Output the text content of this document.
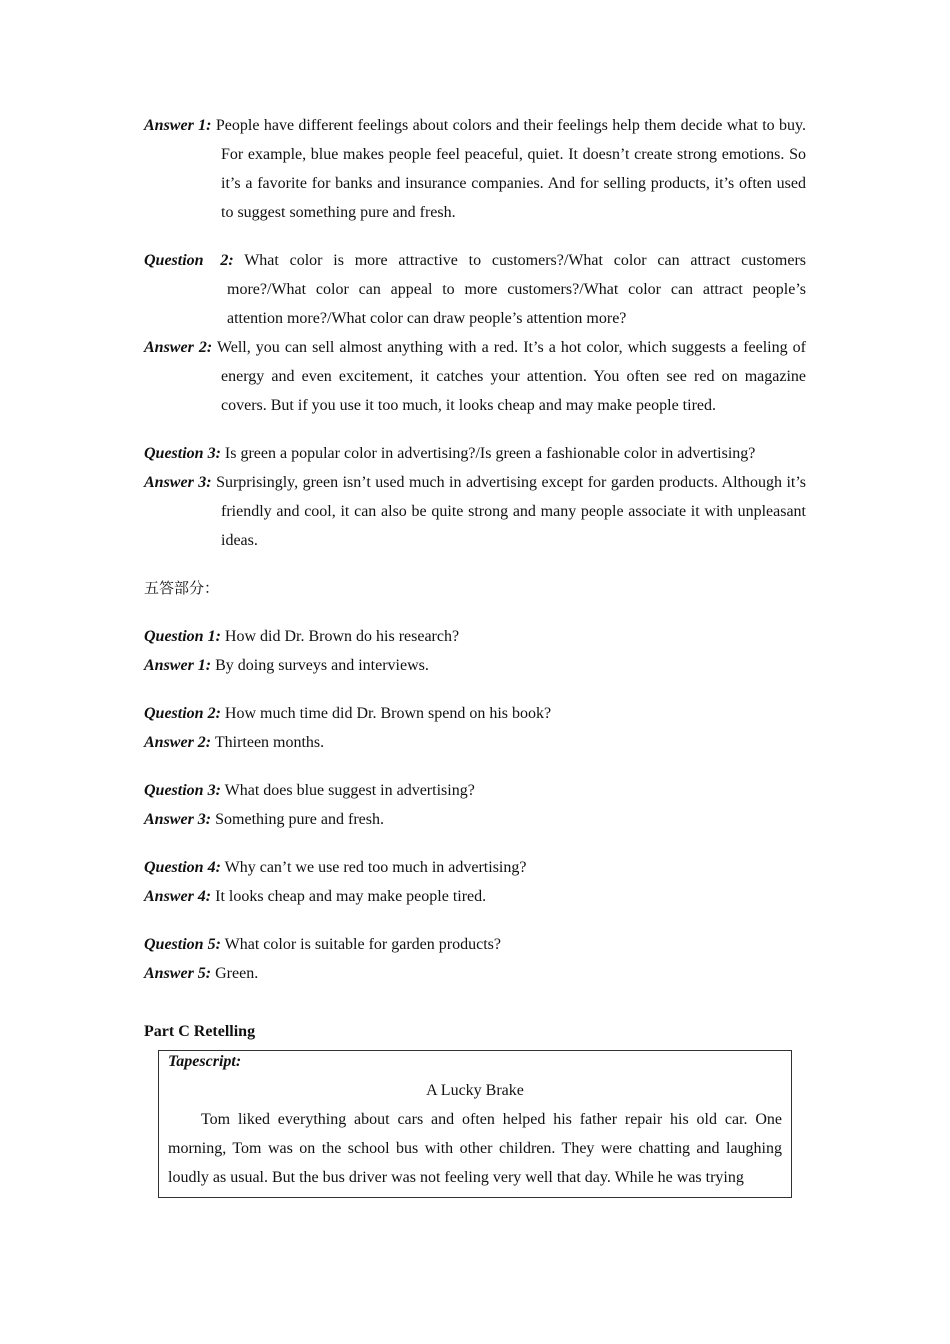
Answer 1: People have different feelings about colors and their feelings help them decide what to buy. For example, blue makes people feel peaceful, quiet. It doesn’t create strong emotions. So it’s a favorite for banks and insurance companies. And for selling products, it’s often used to suggest something pure and fresh.
Question 2: What color is more attractive to customers?/What color can attract customers more?/What color can appeal to more customers?/What color can attract people’s attention more?/What color can draw people’s attention more?
Answer 2: Well, you can sell almost anything with a red. It’s a hot color, which suggests a feeling of energy and even excitement, it catches your attention. You often see red on magazine covers. But if you use it too much, it looks cheap and may make people tired.
Question 3: Is green a popular color in advertising?/Is green a fashionable color in advertising?
Answer 3: Surprisingly, green isn’t used much in advertising except for garden products. Although it’s friendly and cool, it can also be quite strong and many people associate it with unpleasant ideas.
五答部分：
Question 1: How did Dr. Brown do his research?
Answer 1: By doing surveys and interviews.
Question 2: How much time did Dr. Brown spend on his book?
Answer 2: Thirteen months.
Question 3: What does blue suggest in advertising?
Answer 3: Something pure and fresh.
Question 4: Why can’t we use red too much in advertising?
Answer 4: It looks cheap and may make people tired.
Question 5: What color is suitable for garden products?
Answer 5: Green.
Part C Retelling
Tapescript:
A Lucky Brake
Tom liked everything about cars and often helped his father repair his old car. One morning, Tom was on the school bus with other children. They were chatting and laughing loudly as usual. But the bus driver was not feeling very well that day. While he was trying
